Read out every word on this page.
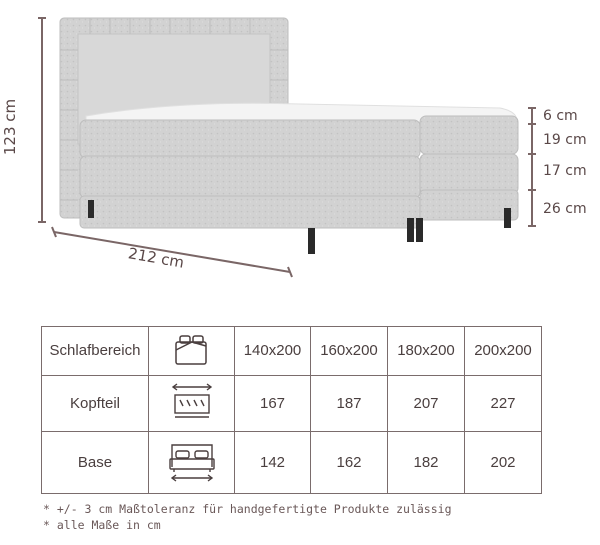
123 cm
212 cm
6 cm
19 cm
17 cm
26 cm
Schlafbereich		140x200	160x200	180x200	200x200
Kopfteil		167	187	207	227
Base		142	162	182	202
* +/- 3 cm Maßtoleranz für handgefertigte Produkte zulässig
* alle Maße in cm
